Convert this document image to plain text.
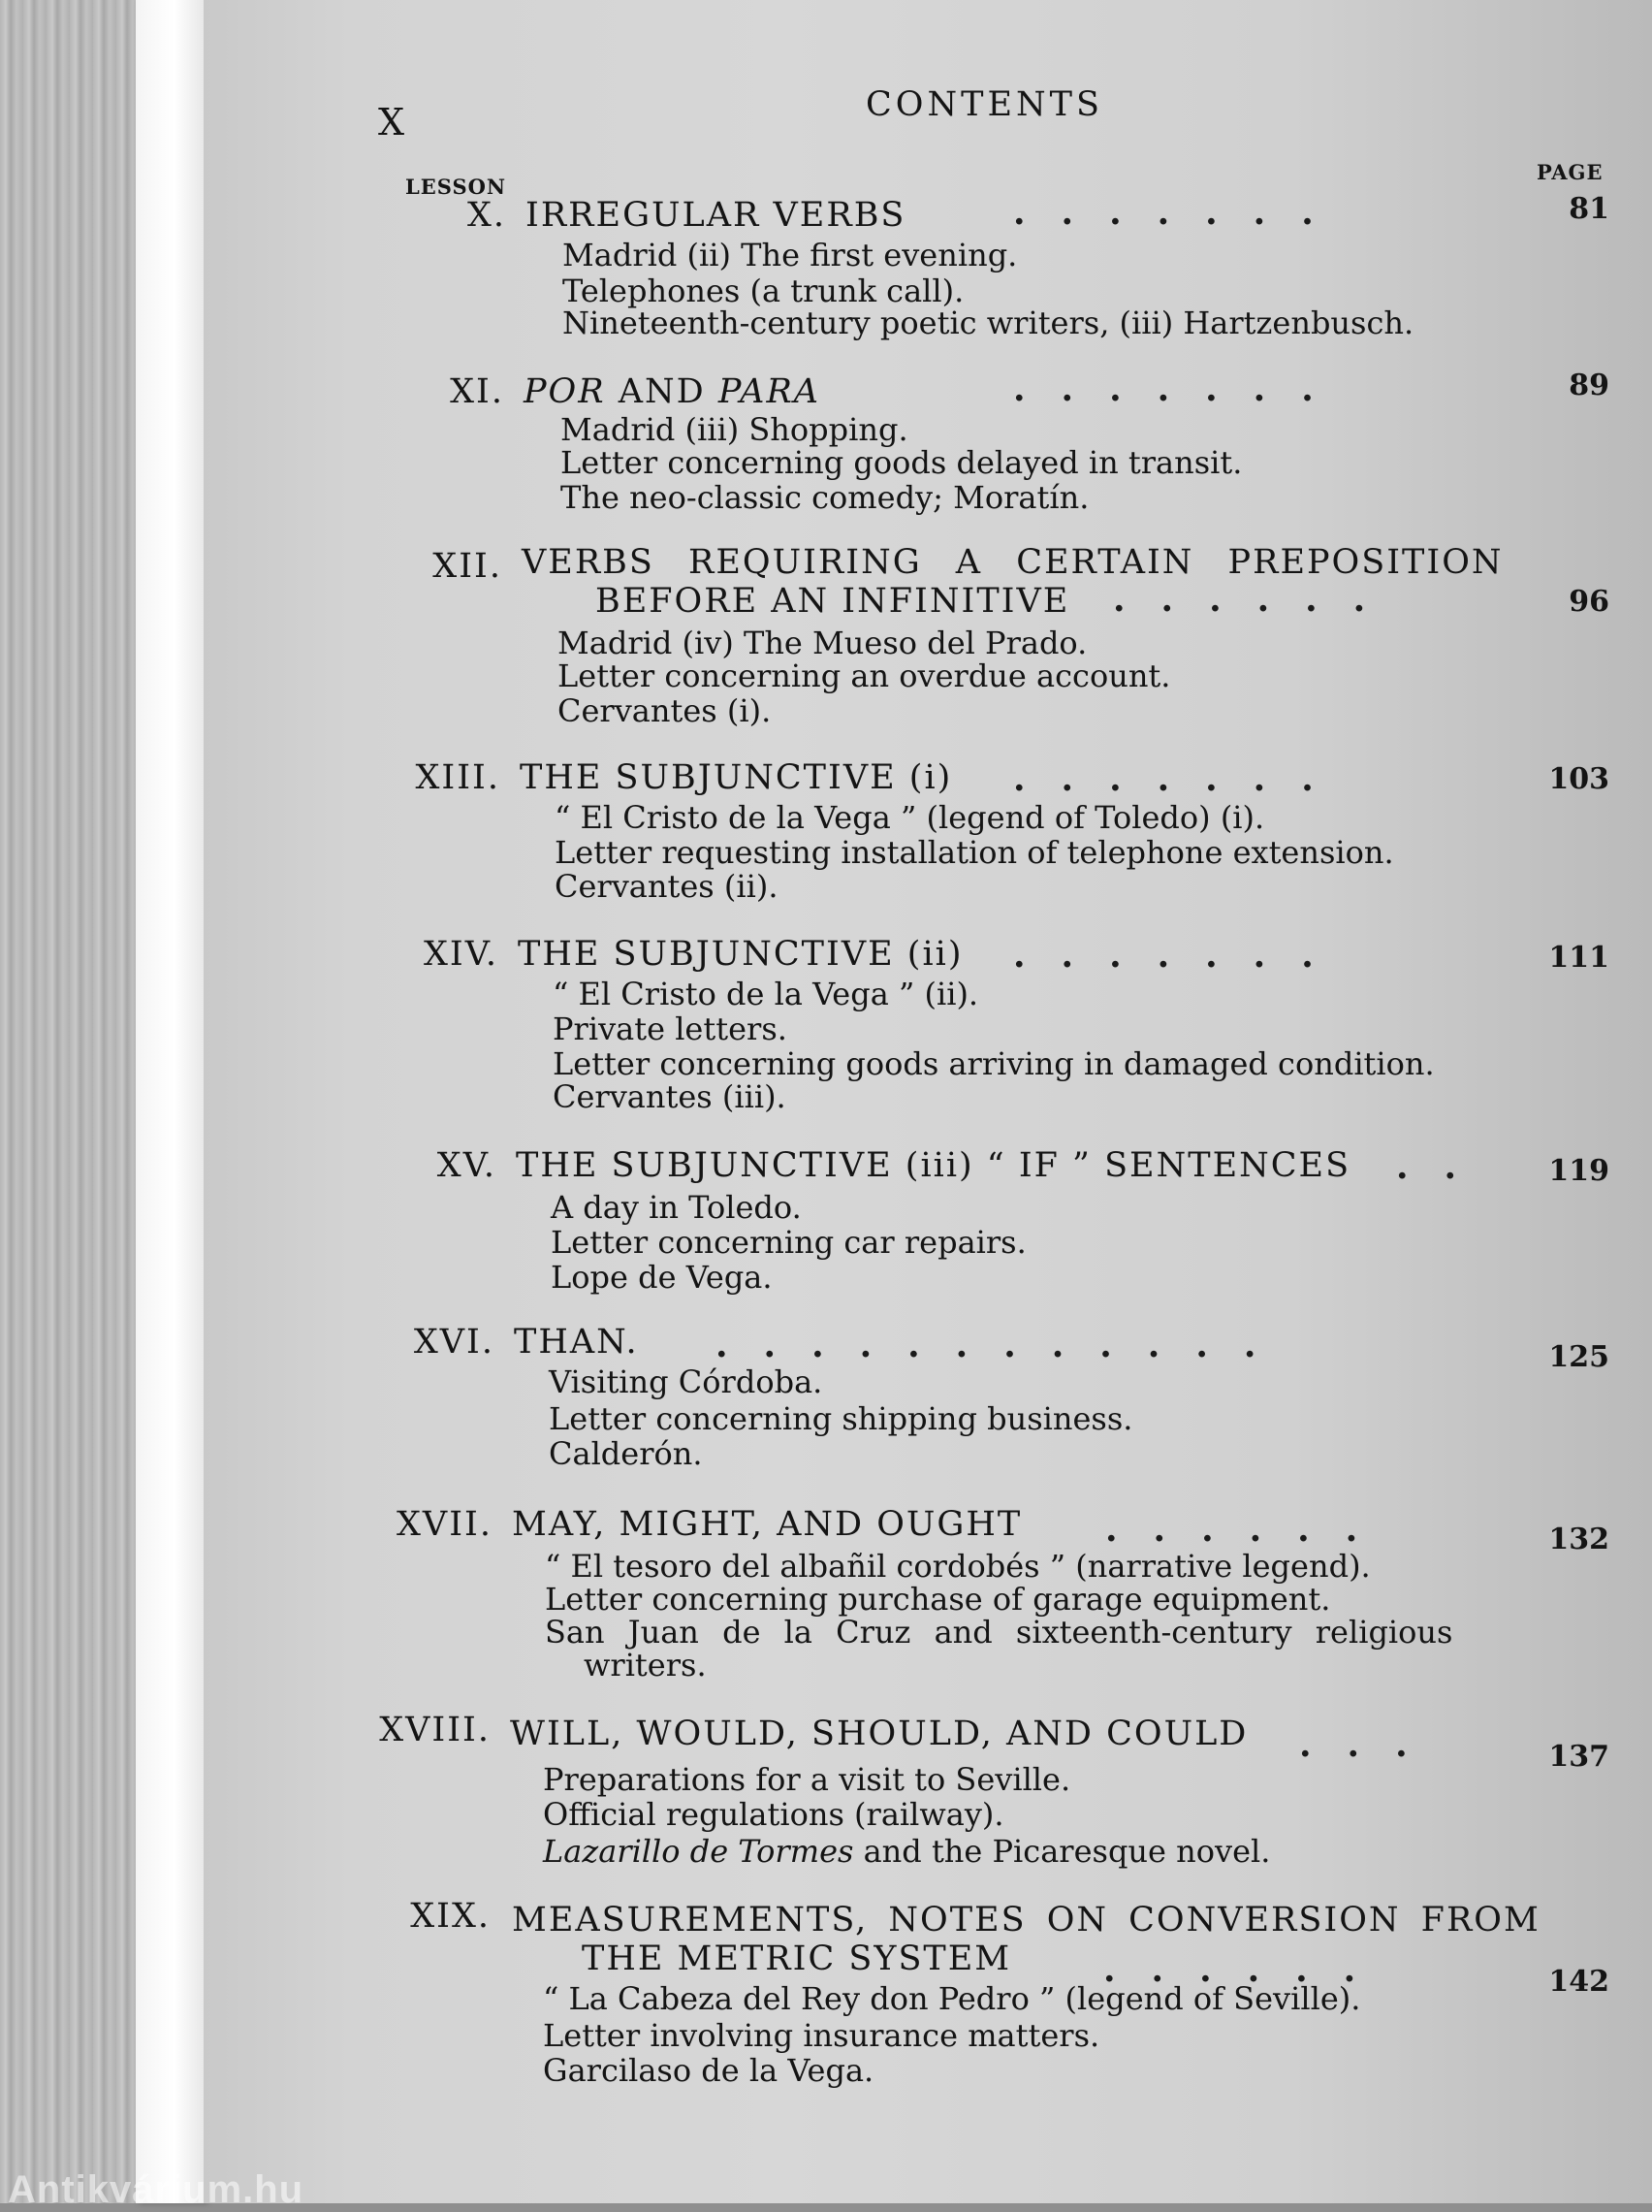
X	CONTENTS
LESSON
PAGE
X. IRREGULAR VERBS	.......	81
Madrid (ii) The first evening.
Telephones (a trunk call).
Nineteenth-century poetic writers, (iii) Hartzenbusch.
XI. POR AND PARA	.......	89
Madrid (iii) Shopping.
Letter concerning goods delayed in transit.
The neo-classic comedy; Moratín.
XII. VERBS REQUIRING A CERTAIN PREPOSITION
BEFORE AN INFINITIVE ......	96
Madrid (iv) The Mueso del Prado.
Letter concerning an overdue account.
Cervantes (i).
XIII. THE SUBJUNCTIVE (i) .......	103
“ El Cristo de la Vega ” (legend of Toledo) (i).
Letter requesting installation of telephone extension.
Cervantes (ii).
XIV. THE SUBJUNCTIVE (ii) .......	111
“ El Cristo de la Vega ” (ii).
Private letters.
Letter concerning goods arriving in damaged condition.
Cervantes (iii).
XV. THE SUBJUNCTIVE (iii) “ IF ” SENTENCES ..	119
A day in Toledo.
Letter concerning car repairs.
Lope de Vega.
XVI. THAN. ............	125
Visiting Córdoba.
Letter concerning shipping business.
Calderón.
XVII. MAY, MIGHT, AND OUGHT ......	132
“ El tesoro del albañil cordobés ” (narrative legend).
Letter concerning purchase of garage equipment.
San Juan de la Cruz and sixteenth-century religious
writers.
XVIII. WILL, WOULD, SHOULD, AND COULD ...	137
Preparations for a visit to Seville.
Official regulations (railway).
Lazarillo de Tormes and the Picaresque novel.
XIX. MEASUREMENTS, NOTES ON CONVERSION FROM
THE METRIC SYSTEM	......	142
“ La Cabeza del Rey don Pedro ” (legend of Seville).
Letter involving insurance matters.
Garcilaso de la Vega.
Antikvárium.hu
